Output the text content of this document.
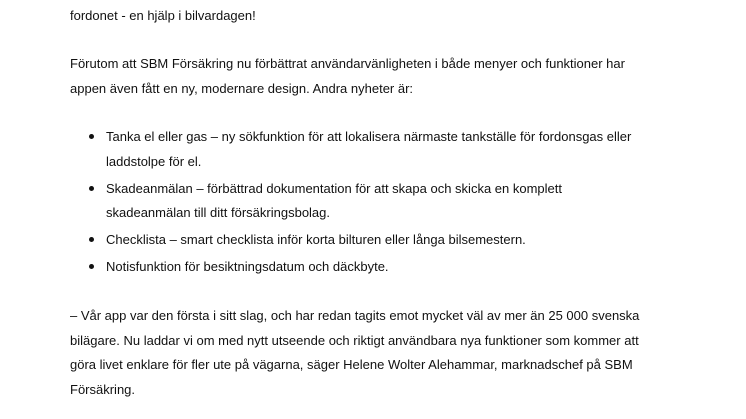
fordonet - en hjälp i bilvardagen!
Förutom att SBM Försäkring nu förbättrat användarvänligheten i både menyer och funktioner har
appen även fått en ny, modernare design. Andra nyheter är:
Tanka el eller gas – ny sökfunktion för att lokalisera närmaste tankställe för fordonsgas eller
laddstolpe för el.
Skadeanmälan – förbättrad dokumentation för att skapa och skicka en komplett
skadeanmälan till ditt försäkringsbolag.
Checklista – smart checklista inför korta bilturen eller långa bilsemestern.
Notisfunktion för besiktningsdatum och däckbyte.
– Vår app var den första i sitt slag, och har redan tagits emot mycket väl av mer än 25 000 svenska
bilägare. Nu laddar vi om med nytt utseende och riktigt användbara nya funktioner som kommer att
göra livet enklare för fler ute på vägarna, säger Helene Wolter Alehammar, marknadschef på SBM
Försäkring.
